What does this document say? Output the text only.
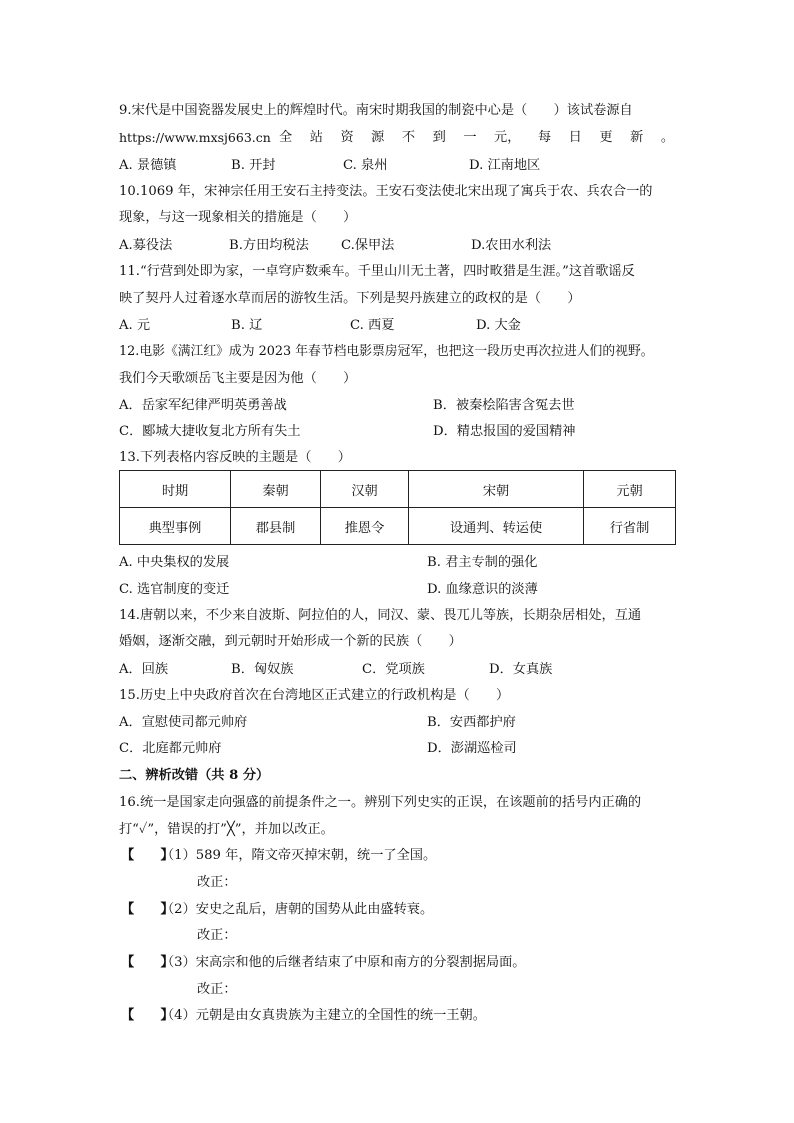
9.宋代是中国瓷器发展史上的辉煌时代。南宋时期我国的制瓷中心是（　　）该试卷源自
https://www.mxsj663.cn 全 站 资 源 不 到 一 元， 每 日 更 新 。
A. 景德镇	B. 开封	C. 泉州	D. 江南地区
10.1069 年，宋神宗任用王安石主持变法。王安石变法使北宋出现了寓兵于农、兵农合一的
现象，与这一现象相关的措施是（　　）
A.募役法	B.方田均税法 C.保甲法	D.农田水利法
11.“行营到处即为家，一卓穹庐数乘车。千里山川无土著，四时畋猎是生涯。”这首歌谣反
映了契丹人过着逐水草而居的游牧生活。下列是契丹族建立的政权的是（　　）
A. 元	B. 辽	C. 西夏	D. 大金
12.电影《满江红》成为 2023 年春节档电影票房冠军，也把这一段历史再次拉进人们的视野。
我们今天歌颂岳飞主要是因为他（　　）
A．岳家军纪律严明英勇善战	B．被秦桧陷害含冤去世
C．郾城大捷收复北方所有失土	D．精忠报国的爱国精神
13.下列表格内容反映的主题是（　　）
时期	秦朝	汉朝	宋朝	元朝
典型事例	郡县制	推恩令	设通判、转运使	行省制
A. 中央集权的发展	B. 君主专制的强化
C. 选官制度的变迁	D. 血缘意识的淡薄
14.唐朝以来，不少来自波斯、阿拉伯的人，同汉、蒙、畏兀儿等族，长期杂居相处，互通
婚姻，逐渐交融，到元朝时开始形成一个新的民族（　　）
A．回族	B．匈奴族	C．党项族	D．女真族
15.历史上中央政府首次在台湾地区正式建立的行政机构是（　　）
A．宣慰使司都元帅府	B．安西都护府
C．北庭都元帅府	D．澎湖巡检司
二、辨析改错（共 8 分）
16.统一是国家走向强盛的前提条件之一。辨别下列史实的正误，在该题前的括号内正确的
打“✓”，错误的打”╳”，并加以改正。
【　　】（1）589 年，隋文帝灭掉宋朝，统一了全国。
改正：
【　　】（2）安史之乱后，唐朝的国势从此由盛转衰。
改正：
【　　】（3）宋高宗和他的后继者结束了中原和南方的分裂割据局面。
改正：
【　　】（4）元朝是由女真贵族为主建立的全国性的统一王朝。
